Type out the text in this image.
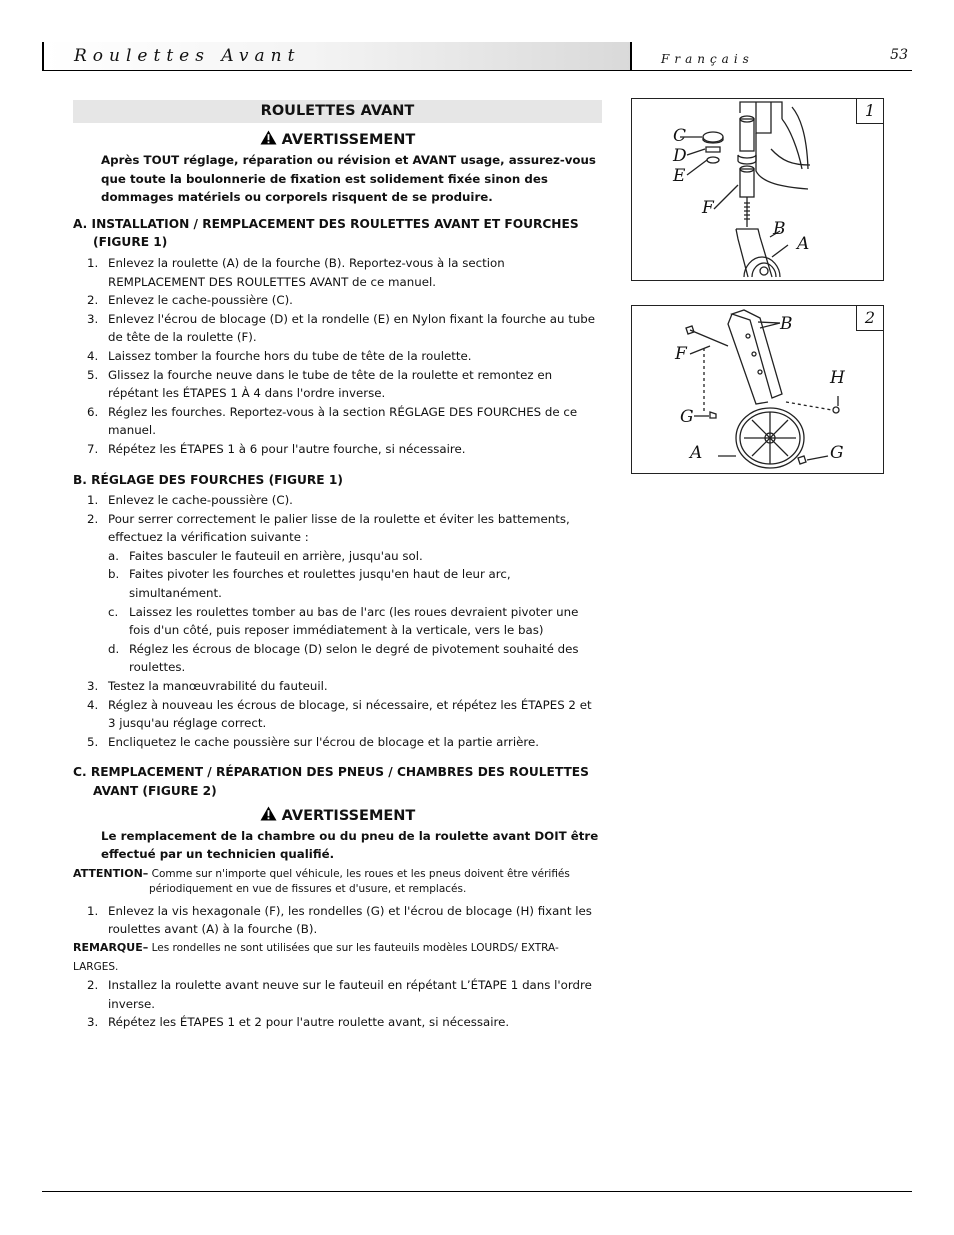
Roulettes Avant	Français	53
ROULETTES AVANT
AVERTISSEMENT
Après TOUT réglage, réparation ou révision et AVANT usage, assurez-vous que toute la boulonnerie de fixation est solidement fixée sinon des dommages matériels ou corporels risquent de se produire.
A. INSTALLATION / REMPLACEMENT DES ROULETTES AVANT ET FOURCHES (FIGURE 1)
1. Enlevez la roulette (A) de la fourche (B). Reportez-vous à la section REMPLACEMENT DES ROULETTES AVANT de ce manuel.
2. Enlevez le cache-poussière (C).
3. Enlevez l'écrou de blocage (D) et la rondelle (E) en Nylon fixant la fourche au tube de tête de la roulette (F).
4. Laissez tomber la fourche hors du tube de tête de la roulette.
5. Glissez la fourche neuve dans le tube de tête de la roulette et remontez en répétant les ÉTAPES 1 À 4 dans l'ordre inverse.
6. Réglez les fourches. Reportez-vous à la section RÉGLAGE DES FOURCHES de ce manuel.
7. Répétez les ÉTAPES 1 à 6 pour l'autre fourche, si nécessaire.
B. RÉGLAGE DES FOURCHES (FIGURE 1)
1. Enlevez le cache-poussière (C).
2. Pour serrer correctement le palier lisse de la roulette et éviter les battements, effectuez la vérification suivante :
a. Faites basculer le fauteuil en arrière, jusqu'au sol.
b. Faites pivoter les fourches et roulettes jusqu'en haut de leur arc, simultanément.
c. Laissez les roulettes tomber au bas de l'arc (les roues devraient pivoter une fois d'un côté, puis reposer immédiatement à la verticale, vers le bas)
d. Réglez les écrous de blocage (D) selon le degré de pivotement souhaité des roulettes.
3. Testez la manœuvrabilité du fauteuil.
4. Réglez à nouveau les écrous de blocage, si nécessaire, et répétez les ÉTAPES 2 et 3 jusqu'au réglage correct.
5. Encliquetez le cache poussière sur l'écrou de blocage et la partie arrière.
C. REMPLACEMENT / RÉPARATION DES PNEUS / CHAMBRES DES ROULETTES AVANT (FIGURE 2)
AVERTISSEMENT
Le remplacement de la chambre ou du pneu de la roulette avant DOIT être effectué par un technicien qualifié.
ATTENTION– Comme sur n'importe quel véhicule, les roues et les pneus doivent être vérifiés périodiquement en vue de fissures et d'usure, et remplacés.
1. Enlevez la vis hexagonale (F), les rondelles (G) et l'écrou de blocage (H) fixant les roulettes avant (A) à la fourche (B).
REMARQUE– Les rondelles ne sont utilisées que sur les fauteuils modèles LOURDS/ EXTRA-LARGES.
2. Installez la roulette avant neuve sur le fauteuil en répétant L’ÉTAPE 1 dans l'ordre inverse.
3. Répétez les ÉTAPES 1 et 2 pour l'autre roulette avant, si nécessaire.
1
C
D
E
F
B
A
2
B
F
H
G
A	G
